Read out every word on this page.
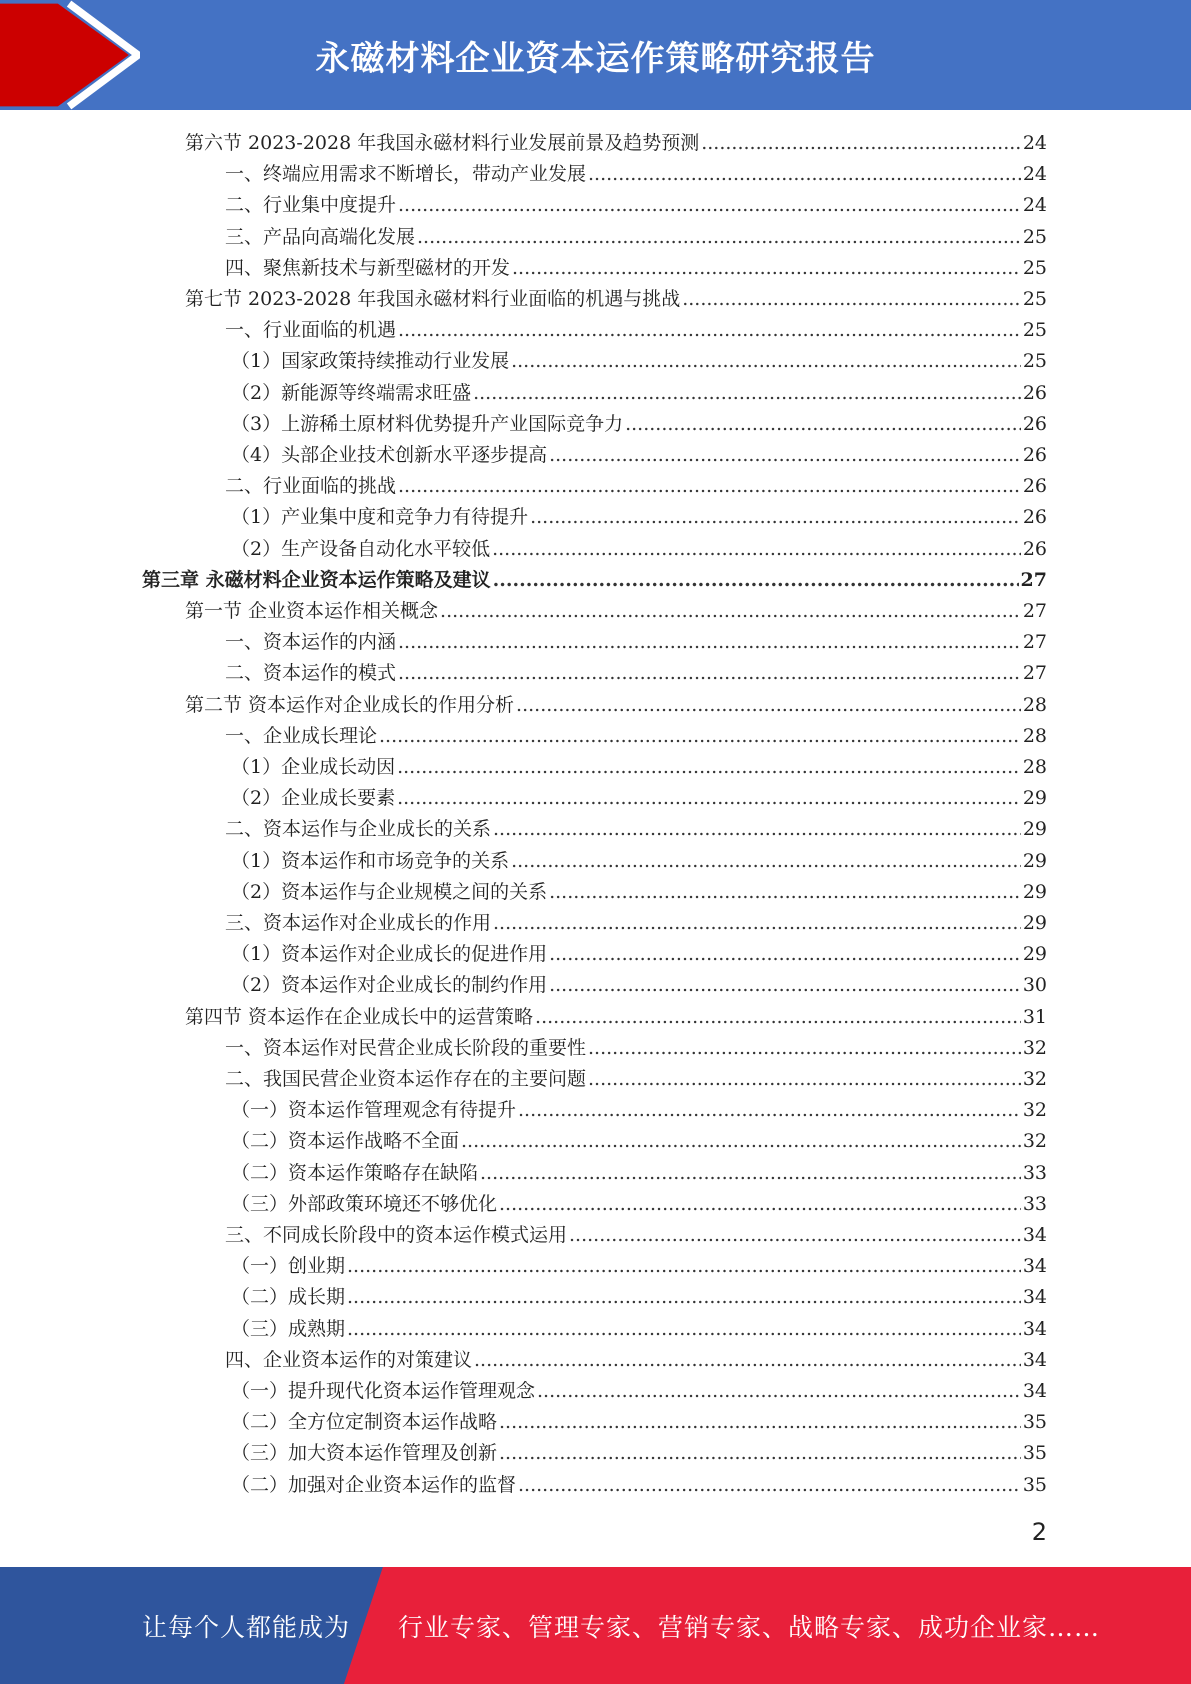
永磁材料企业资本运作策略研究报告
第六节 2023-2028 年我国永磁材料行业发展前景及趋势预测 .....	24
一、终端应用需求不断增长，带动产业发展 .....	24
二、行业集中度提升 .....	24
三、产品向高端化发展 .....	25
四、聚焦新技术与新型磁材的开发 .....	25
第七节 2023-2028 年我国永磁材料行业面临的机遇与挑战 .....	25
一、行业面临的机遇 .....	25
（1）国家政策持续推动行业发展 .....	25
（2）新能源等终端需求旺盛 .....	26
（3）上游稀土原材料优势提升产业国际竞争力 .....	26
（4）头部企业技术创新水平逐步提高 .....	26
二、行业面临的挑战 .....	26
（1）产业集中度和竞争力有待提升 .....	26
（2）生产设备自动化水平较低 .....	26
第三章 永磁材料企业资本运作策略及建议 .....	27
第一节 企业资本运作相关概念 .....	27
一、资本运作的内涵 .....	27
二、资本运作的模式 .....	27
第二节 资本运作对企业成长的作用分析 .....	28
一、企业成长理论 .....	28
（1）企业成长动因 .....	28
（2）企业成长要素 .....	29
二、资本运作与企业成长的关系 .....	29
（1）资本运作和市场竞争的关系 .....	29
（2）资本运作与企业规模之间的关系 .....	29
三、资本运作对企业成长的作用 .....	29
（1）资本运作对企业成长的促进作用 .....	29
（2）资本运作对企业成长的制约作用 .....	30
第四节 资本运作在企业成长中的运营策略 .....	31
一、资本运作对民营企业成长阶段的重要性 .....	32
二、我国民营企业资本运作存在的主要问题 .....	32
（一）资本运作管理观念有待提升 .....	32
（二）资本运作战略不全面 .....	32
（二）资本运作策略存在缺陷 .....	33
（三）外部政策环境还不够优化 .....	33
三、不同成长阶段中的资本运作模式运用 .....	34
（一）创业期 .....	34
（二）成长期 .....	34
（三）成熟期 .....	34
四、企业资本运作的对策建议 .....	34
（一）提升现代化资本运作管理观念 .....	34
（二）全方位定制资本运作战略 .....	35
（三）加大资本运作管理及创新 .....	35
（二）加强对企业资本运作的监督 .....	35
2
让每个人都能成为 行业专家、管理专家、营销专家、战略专家、成功企业家……
